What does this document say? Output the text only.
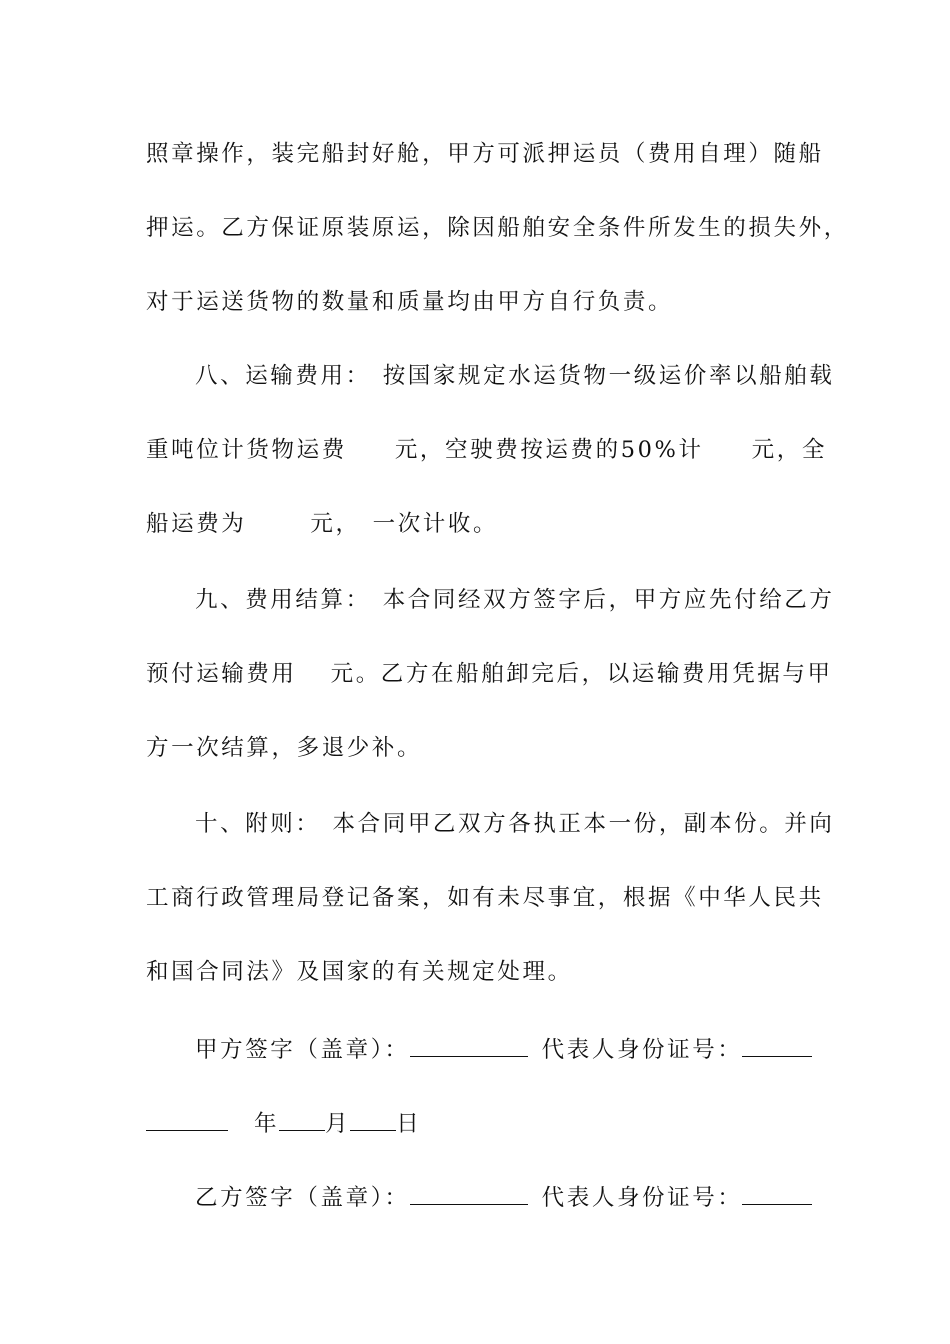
照章操作，装完船封好舱，甲方可派押运员（费用自理）随船
押运。乙方保证原装原运，除因船舶安全条件所发生的损失外，
对于运送货物的数量和质量均由甲方自行负责。
八、运输费用： 按国家规定水运货物一级运价率以船舶载
重吨位计货物运费 元，空驶费按运费的50%计 元，全
船运费为	元， 一次计收。
九、费用结算： 本合同经双方签字后，甲方应先付给乙方
预付运输费用 元。乙方在船舶卸完后，以运输费用凭据与甲
方一次结算，多退少补。
十、附则： 本合同甲乙双方各执正本一份，副本份。并向
工商行政管理局登记备案，如有未尽事宜，根据《中华人民共
和国合同法》及国家的有关规定处理。
甲方签字（盖章）：	代表人身份证号：
年 月 日
乙方签字（盖章）：	代表人身份证号：
